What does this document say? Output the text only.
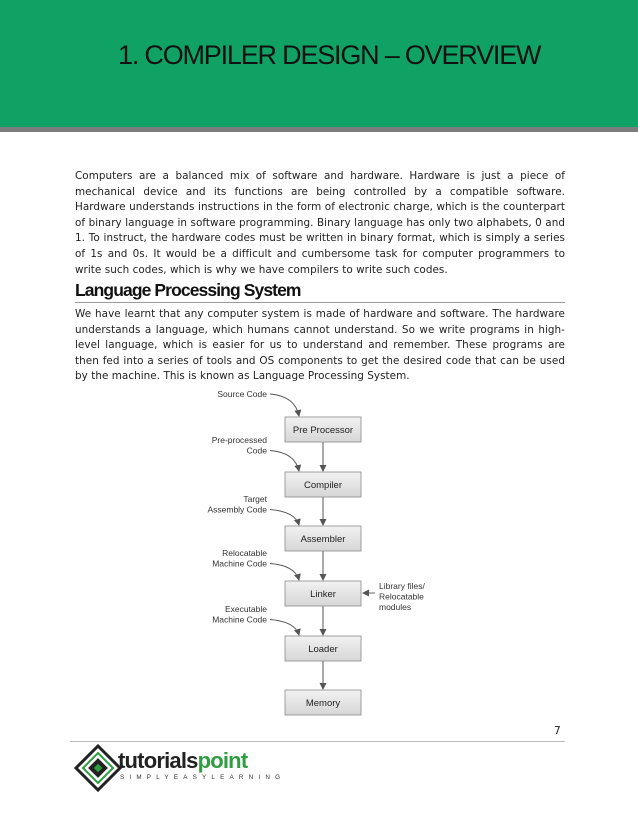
1. COMPILER DESIGN – OVERVIEW

Computers are a balanced mix of software and hardware. Hardware is just a piece of mechanical device and its functions are being controlled by a compatible software. Hardware understands instructions in the form of electronic charge, which is the counterpart of binary language in software programming. Binary language has only two alphabets, 0 and 1. To instruct, the hardware codes must be written in binary format, which is simply a series of 1s and 0s. It would be a difficult and cumbersome task for computer programmers to write such codes, which is why we have compilers to write such codes.

Language Processing System

We have learnt that any computer system is made of hardware and software. The hardware understands a language, which humans cannot understand. So we write programs in high-level language, which is easier for us to understand and remember. These programs are then fed into a series of tools and OS components to get the desired code that can be used by the machine. This is known as Language Processing System.

Pre Processor
Compiler
Assembler
Linker
Loader
Memory
Source Code
Pre-processed Code
Target Assembly Code
Relocatable Machine Code
Executable Machine Code
Library files/ Relocatable modules
7
tutorialspoint
SIMPLYEASYLEARNING
